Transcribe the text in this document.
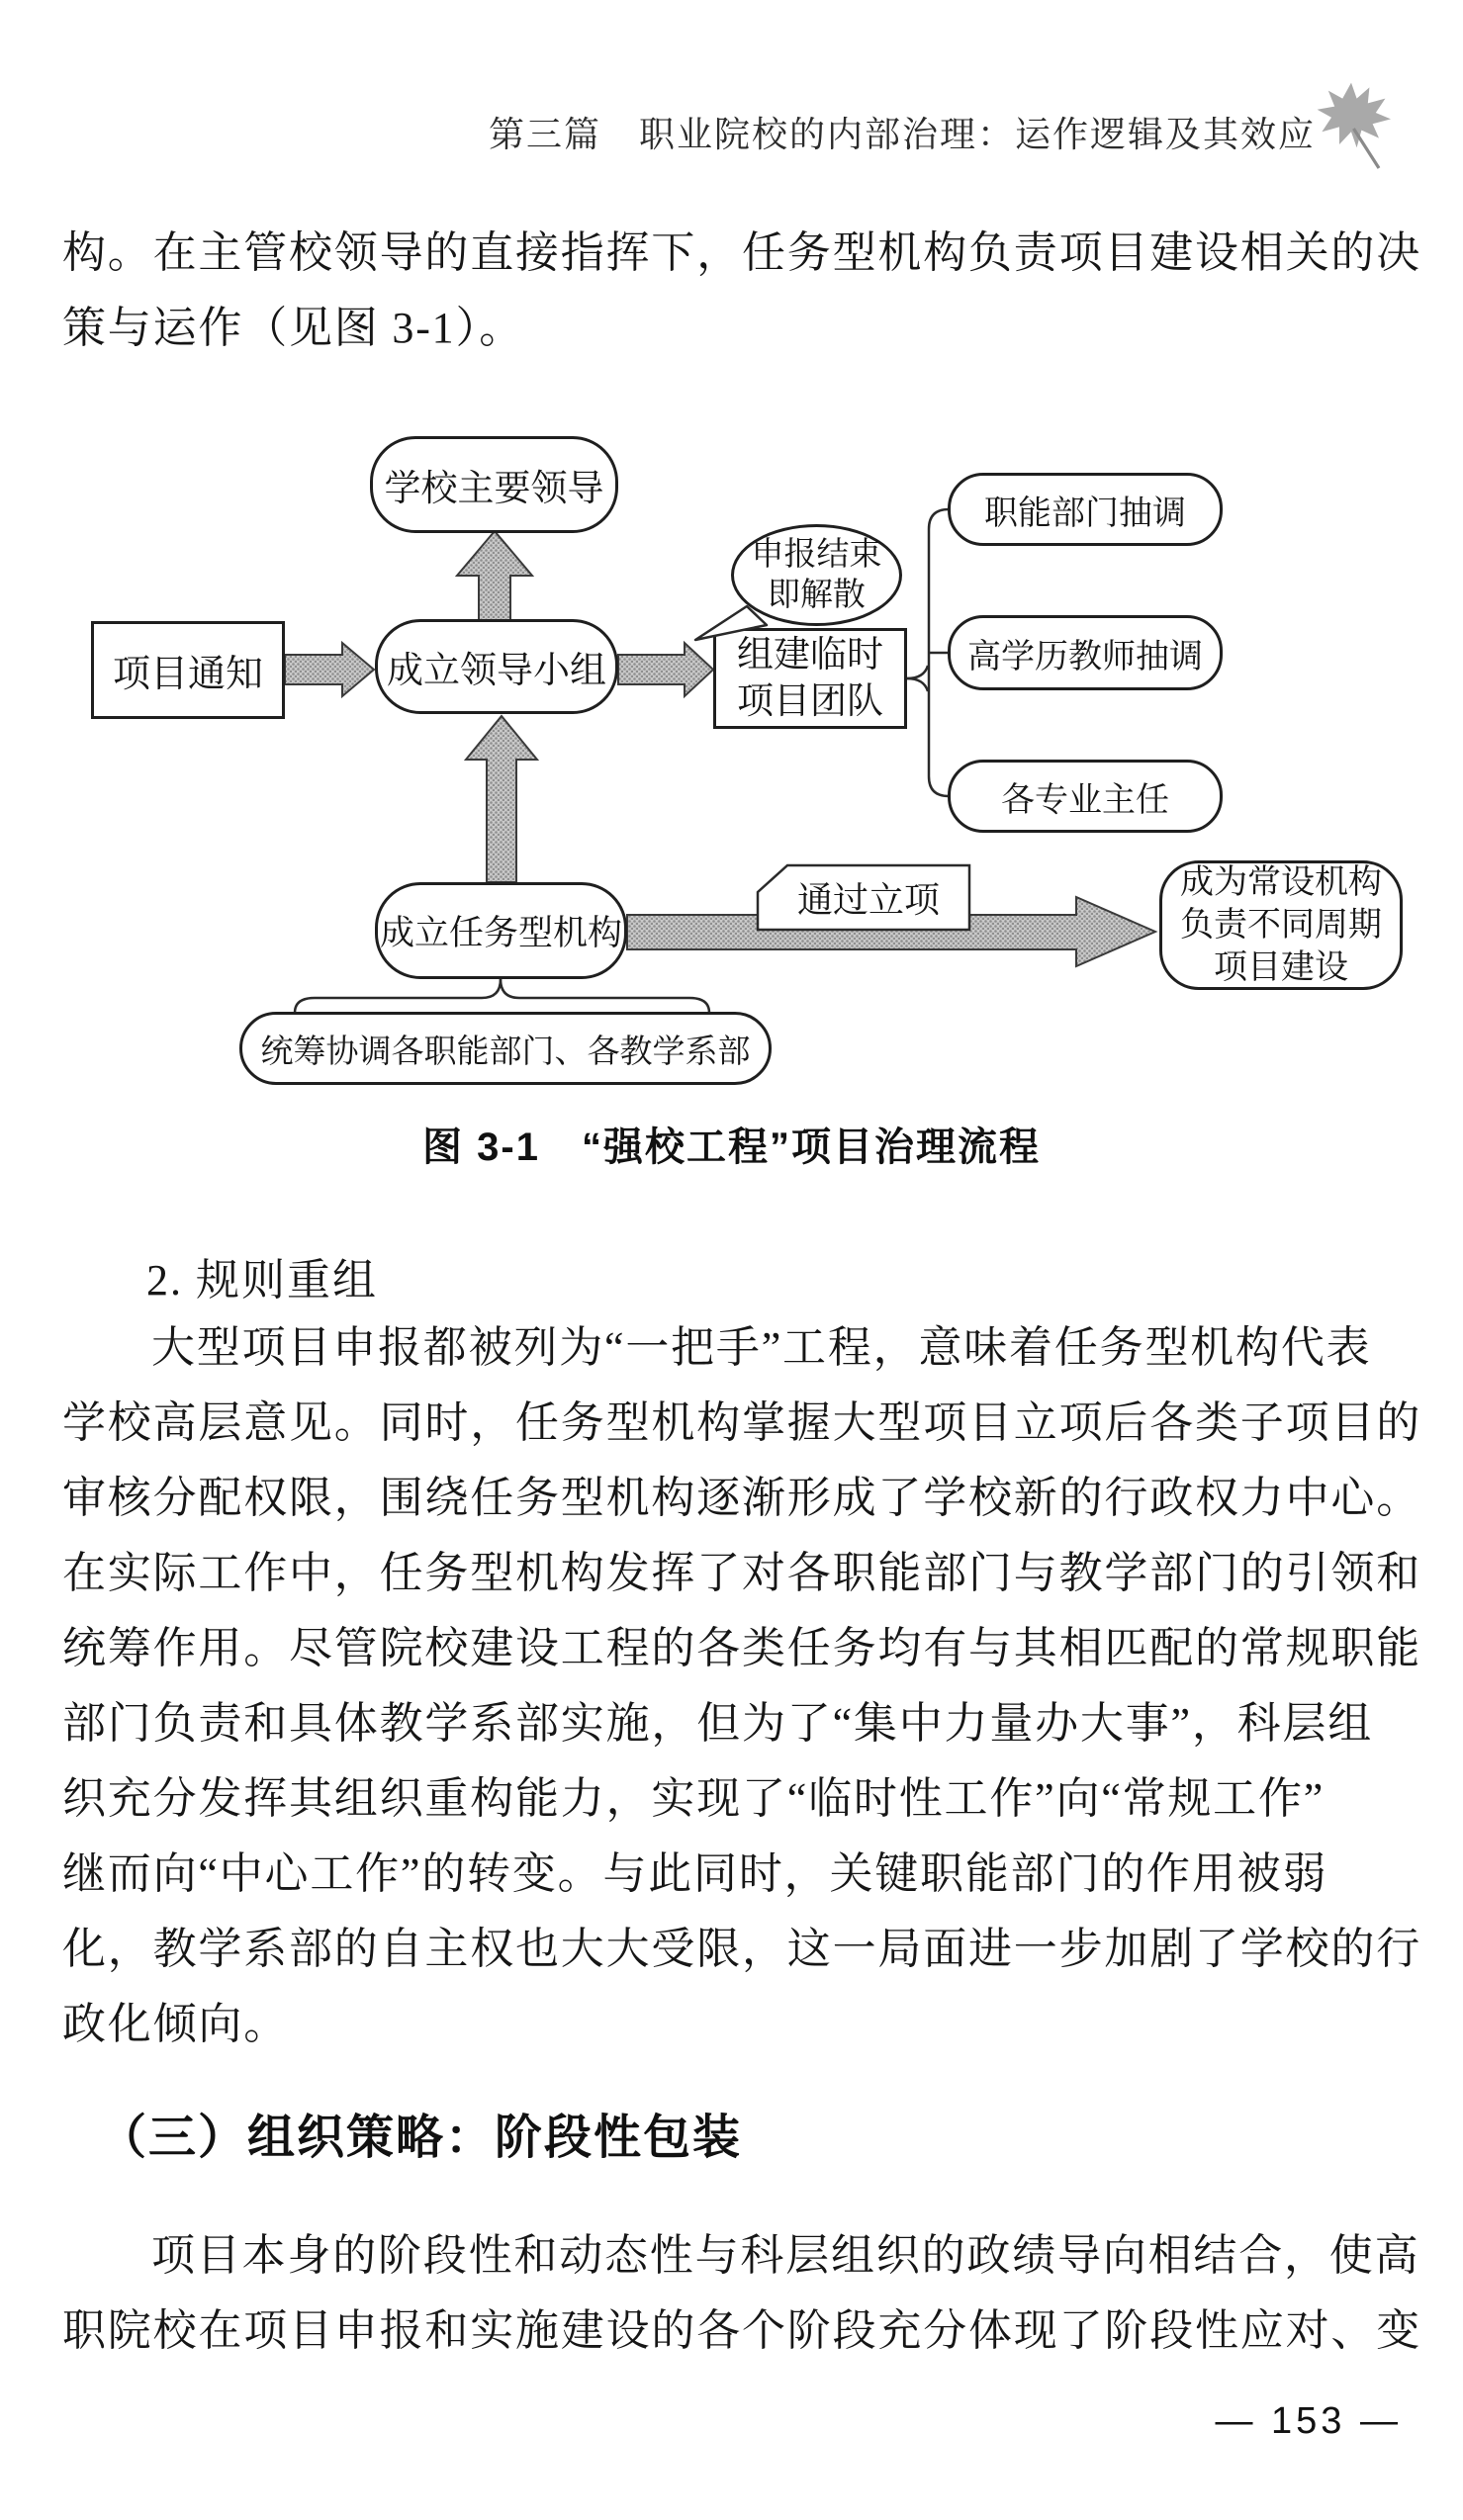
第三篇　职业院校的内部治理：运作逻辑及其效应
构。在主管校领导的直接指挥下，任务型机构负责项目建设相关的决
策与运作（见图 3-1）。
学校主要领导
项目通知	成立领导小组	组建临时
项目团队
申报结束
即解散
职能部门抽调
高学历教师抽调
各专业主任
成立任务型机构
通过立项	成为常设机构
负责不同周期
项目建设
统筹协调各职能部门、各教学系部
图 3-1　“强校工程”项目治理流程
2. 规则重组
大型项目申报都被列为“一把手”工程，意味着任务型机构代表
学校高层意见。同时，任务型机构掌握大型项目立项后各类子项目的
审核分配权限，围绕任务型机构逐渐形成了学校新的行政权力中心。
在实际工作中，任务型机构发挥了对各职能部门与教学部门的引领和
统筹作用。尽管院校建设工程的各类任务均有与其相匹配的常规职能
部门负责和具体教学系部实施，但为了“集中力量办大事”，科层组
织充分发挥其组织重构能力，实现了“临时性工作”向“常规工作”
继而向“中心工作”的转变。与此同时，关键职能部门的作用被弱
化，教学系部的自主权也大大受限，这一局面进一步加剧了学校的行
政化倾向。
（三）组织策略：阶段性包装
项目本身的阶段性和动态性与科层组织的政绩导向相结合，使高
职院校在项目申报和实施建设的各个阶段充分体现了阶段性应对、变
— 153 —
